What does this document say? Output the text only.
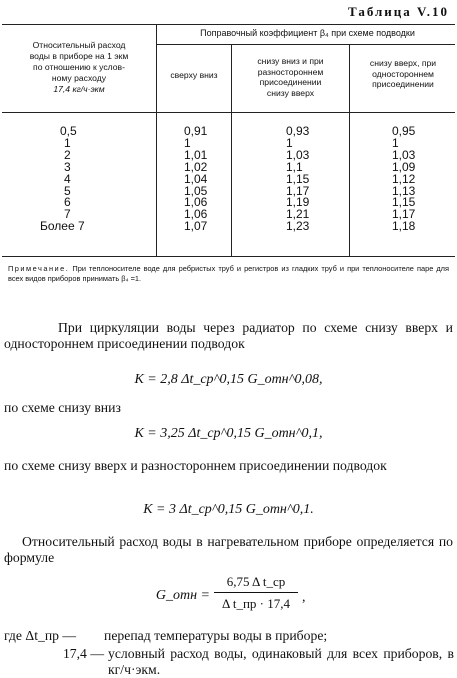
Таблица V.10
Относительный расход
воды в приборе на 1 экм
по отношению к услов-
ному расходу
17,4 кг/ч·экм
Поправочный коэффициент β₄ при схеме подводки
сверху вниз
снизу вниз и при
разностороннем
присоединении
снизу вверх
снизу вверх, при
одностороннем
присоединении
0,5
1
2
3
4
5
6
7
Более 7
0,91
1
1,01
1,02
1,04
1,05
1,06
1,06
1,07
0,93
1
1,03
1,1
1,15
1,17
1,19
1,21
1,23
0,95
1
1,03
1,09
1,12
1,13
1,15
1,17
1,18
Примечание. При теплоносителе воде для ребристых труб и регистров из гладких труб и при теплоносителе паре для всех видов приборов принимать β₄ =1.
При циркуляции воды через радиатор по схеме снизу вверх и одностороннем присоединении подводок
K = 2,8 Δt_ср^0,15 G_отн^0,08,
по схеме снизу вниз
K = 3,25 Δt_ср^0,15 G_отн^0,1,
по схеме снизу вверх и разностороннем присоединении подводок
K = 3 Δt_ср^0,15 G_отн^0,1.
Относительный расход воды в нагревательном приборе определяется по формуле
G_отн =
6,75 Δ t_ср
Δ t_пр · 17,4 ,
где Δt_пр —	перепад температуры воды в приборе;
17,4 — условный расход воды, одинаковый для всех приборов, в кг/ч·экм.
